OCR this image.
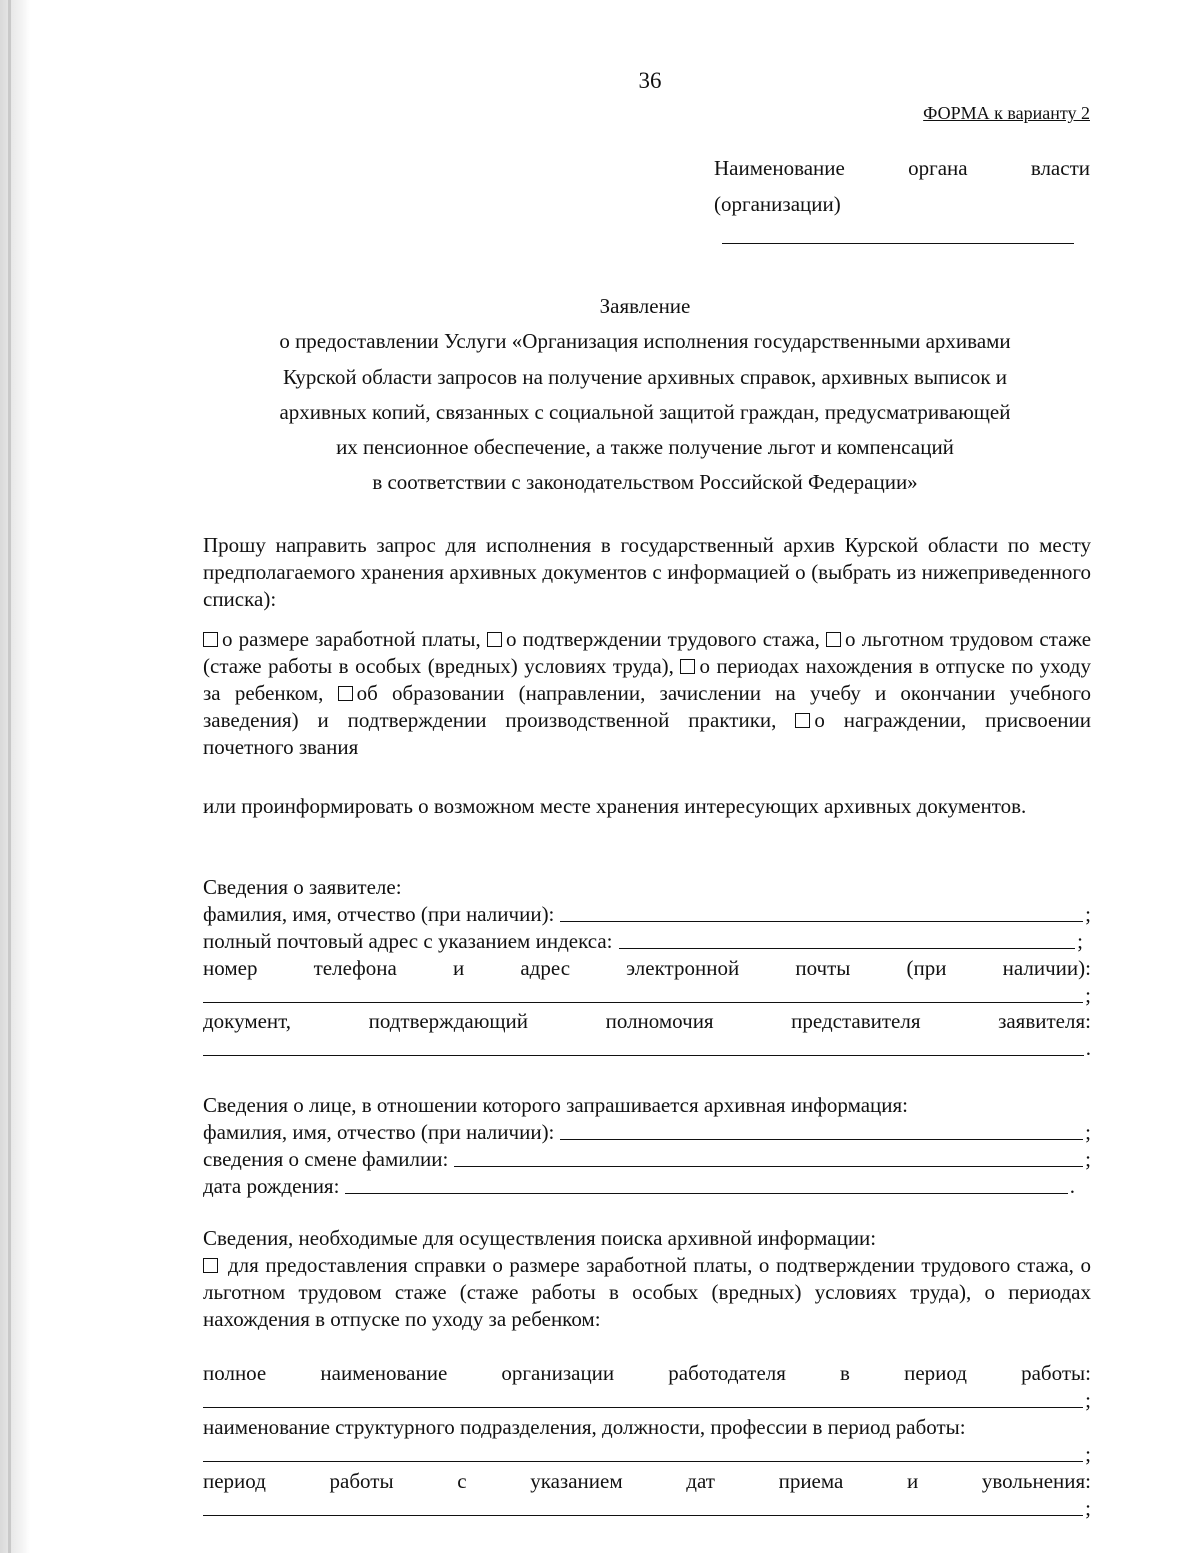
36
ФОРМА к варианту 2
Наименование	органа	власти
(организации)
Заявление
о предоставлении Услуги «Организация исполнения государственными архивами
Курской области запросов на получение архивных справок, архивных выписок и
архивных копий, связанных с социальной защитой граждан, предусматривающей
их пенсионное обеспечение, а также получение льгот и компенсаций
в соответствии с законодательством Российской Федерации»
Прошу направить запрос для исполнения в государственный архив Курской области по месту предполагаемого хранения архивных документов с информацией о (выбрать из нижеприведенного списка):
о размере заработной платы, о подтверждении трудового стажа, о льготном трудовом стаже (стаже работы в особых (вредных) условиях труда), о периодах нахождения в отпуске по уходу за ребенком, об образовании (направлении, зачислении на учебу и окончании учебного заведения) и подтверждении производственной практики, о награждении, присвоении почетного звания
или проинформировать о возможном месте хранения интересующих архивных документов.
Сведения о заявителе:
фамилия, имя, отчество (при наличии):	;
полный почтовый адрес с указанием индекса:	;
номер	телефона	и	адрес	электронной	почты	(при	наличии):
;
документ,	подтверждающий	полномочия	представителя	заявителя:
.
Сведения о лице, в отношении которого запрашивается архивная информация:
фамилия, имя, отчество (при наличии):	;
сведения о смене фамилии:	;
дата рождения:	.
Сведения, необходимые для осуществления поиска архивной информации:
для предоставления справки о размере заработной платы, о подтверждении трудового стажа, о льготном трудовом стаже (стаже работы в особых (вредных) условиях труда), о периодах нахождения в отпуске по уходу за ребенком:
полное	наименование	организации	работодателя	в	период	работы:
;
наименование структурного подразделения, должности, профессии в период работы:
;
период	работы	с	указанием	дат	приема	и	увольнения:
;
